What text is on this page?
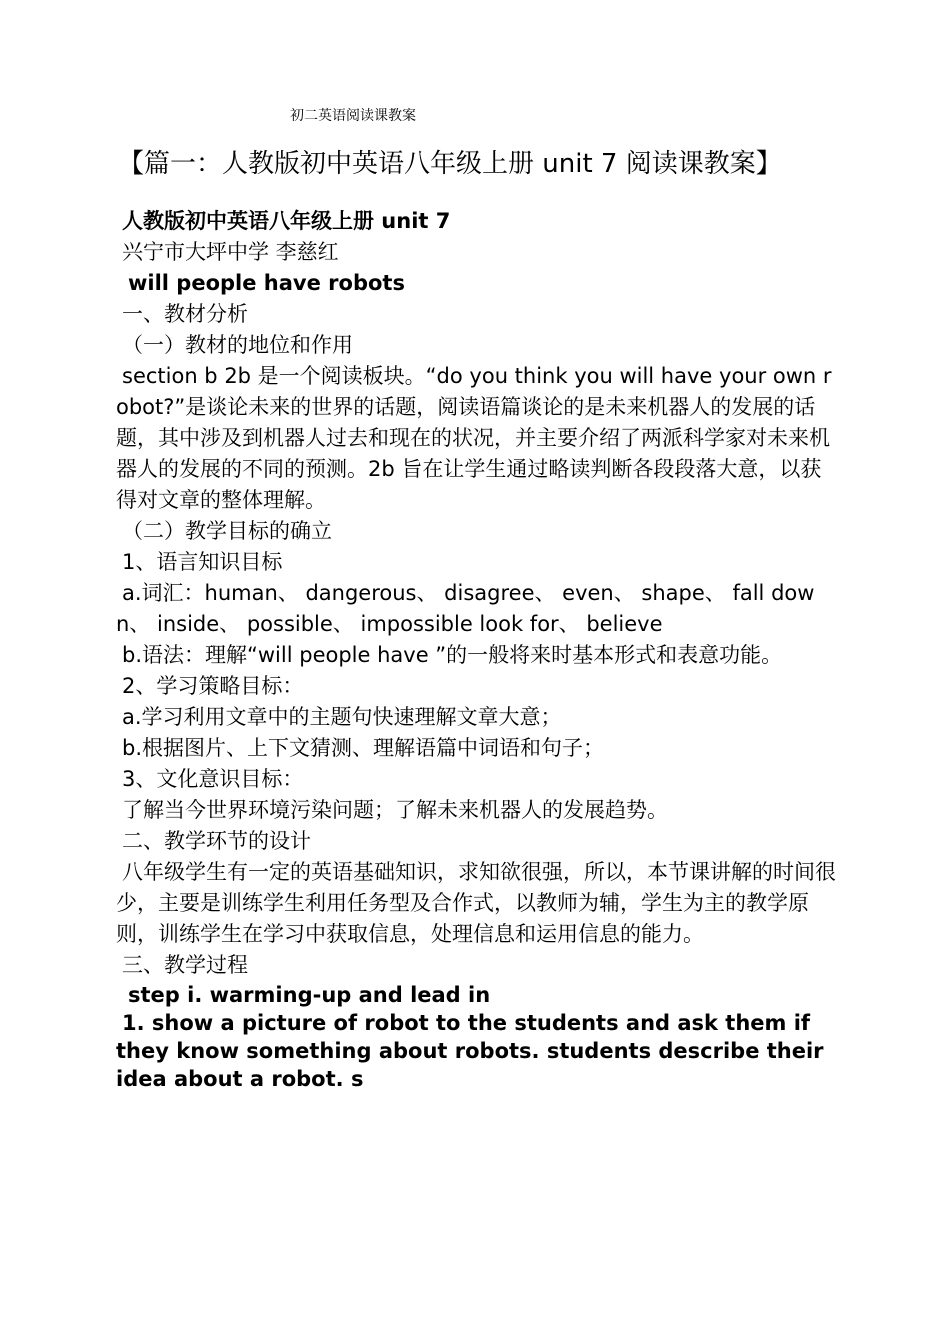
初二英语阅读课教案
【篇一：人教版初中英语八年级上册 unit 7 阅读课教案】

人教版初中英语八年级上册 unit 7

兴宁市大坪中学 李慈红

will people have robots

一、教材分析

（一）教材的地位和作用

section b 2b 是一个阅读板块。“do you think you will have your own robot?”是谈论未来的世界的话题，阅读语篇谈论的是未来机器人的发展的话题，其中涉及到机器人过去和现在的状况，并主要介绍了两派科学家对未来机器人的发展的不同的预测。2b 旨在让学生通过略读判断各段段落大意，以获得对文章的整体理解。

（二）教学目标的确立

1、语言知识目标

a.词汇：human、 dangerous、 disagree、 even、 shape、 fall down、 inside、 possible、 impossible look for、 believe

b.语法：理解“will people have ”的一般将来时基本形式和表意功能。

2、学习策略目标：

a.学习利用文章中的主题句快速理解文章大意；

b.根据图片、上下文猜测、理解语篇中词语和句子；

3、文化意识目标：

了解当今世界环境污染问题；了解未来机器人的发展趋势。

二、教学环节的设计

八年级学生有一定的英语基础知识，求知欲很强，所以，本节课讲解的时间很少，主要是训练学生利用任务型及合作式，以教师为辅，学生为主的教学原则，训练学生在学习中获取信息，处理信息和运用信息的能力。

三、教学过程

step i. warming-up and lead in

1. show a picture of robot to the students and ask them if they know something about robots. students describe their idea about a robot. s
